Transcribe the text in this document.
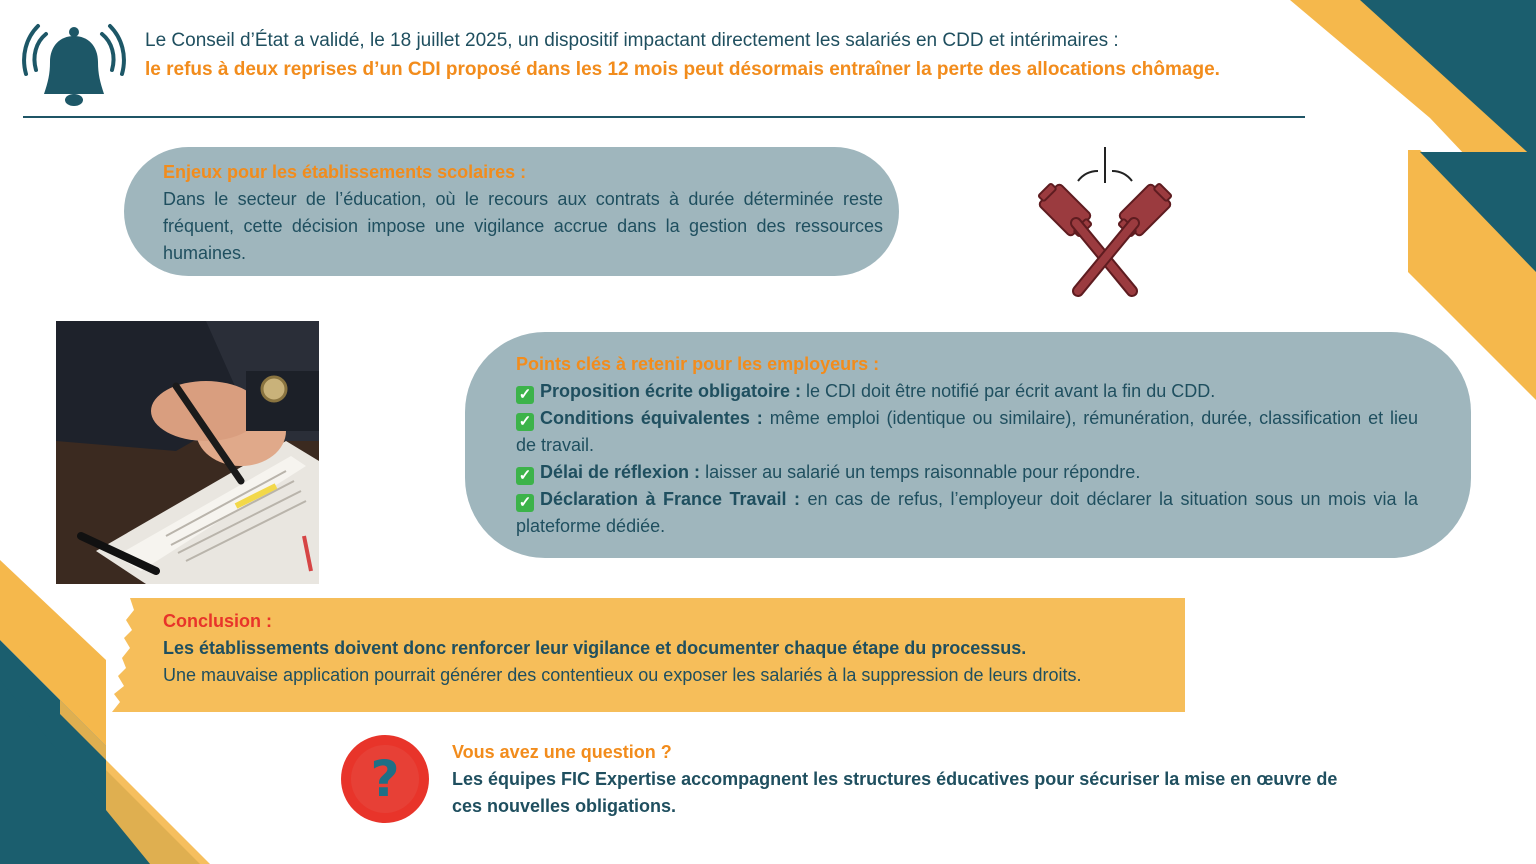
Le Conseil d’État a validé, le 18 juillet 2025, un dispositif impactant directement les salariés en CDD et intérimaires :
le refus à deux reprises d’un CDI proposé dans les 12 mois peut désormais entraîner la perte des allocations chômage.
Enjeux pour les établissements scolaires :
Dans le secteur de l’éducation, où le recours aux contrats à durée déterminée reste fréquent, cette décision impose une vigilance accrue dans la gestion des ressources humaines.
Points clés à retenir pour les employeurs :
✓ Proposition écrite obligatoire : le CDI doit être notifié par écrit avant la fin du CDD.
✓ Conditions équivalentes : même emploi (identique ou similaire), rémunération, durée, classification et lieu de travail.
✓ Délai de réflexion : laisser au salarié un temps raisonnable pour répondre.
✓ Déclaration à France Travail : en cas de refus, l’employeur doit déclarer la situation sous un mois via la plateforme dédiée.
Conclusion :
Les établissements doivent donc renforcer leur vigilance et documenter chaque étape du processus.
Une mauvaise application pourrait générer des contentieux ou exposer les salariés à la suppression de leurs droits.
?	Vous avez une question ?
Les équipes FIC Expertise accompagnent les structures éducatives pour sécuriser la mise en œuvre de ces nouvelles obligations.
